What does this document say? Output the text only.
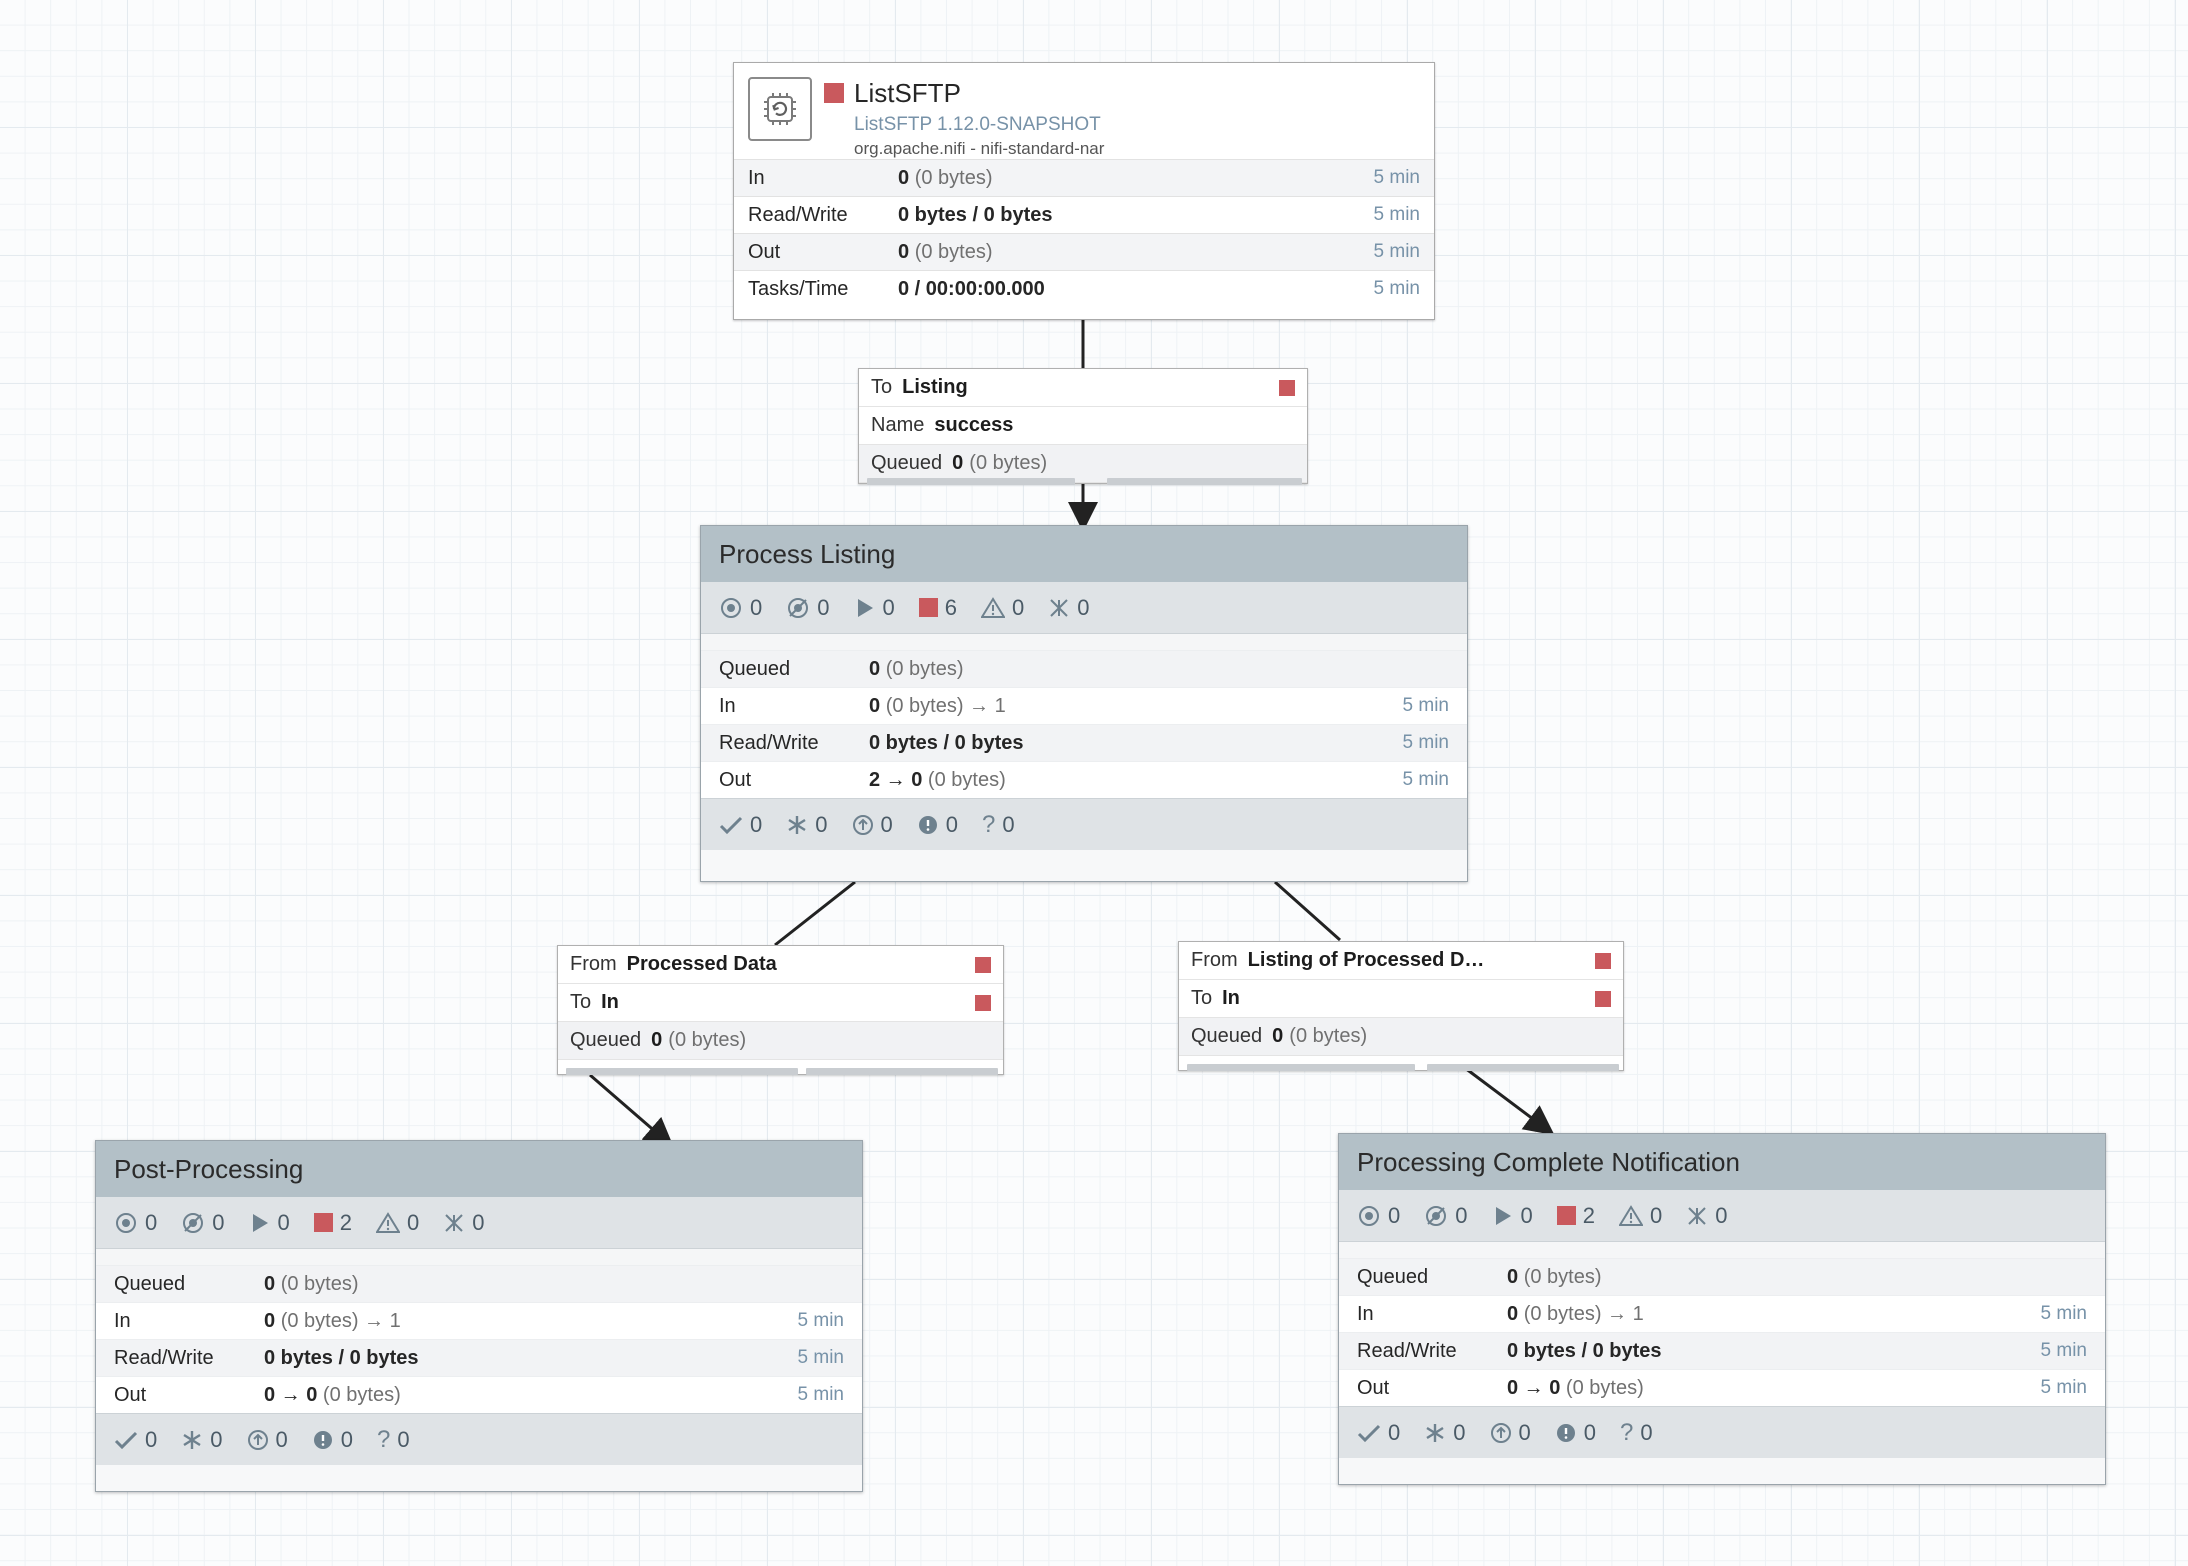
ListSFTP
ListSFTP 1.12.0-SNAPSHOT
org.apache.nifi - nifi-standard-nar
In	0 (0 bytes)	5 min
Read/Write	0 bytes / 0 bytes	5 min
Out	0 (0 bytes)	5 min
Tasks/Time	0 / 00:00:00.000	5 min
To Listing
Name success
Queued 0 (0 bytes)
Process Listing
0	0 0 6	0 0
Queued	0 (0 bytes)
In	0 (0 bytes) → 1	5 min
Read/Write	0 bytes / 0 bytes	5 min
Out	2 → 0 (0 bytes)	5 min
0 0 0 0 ? 0
From Processed Data
To In
Queued 0 (0 bytes)
From Listing of Processed D…
To In
Queued 0 (0 bytes)
Post-Processing
0	0 0 2	0 0
Queued	0 (0 bytes)
In	0 (0 bytes) → 1	5 min
Read/Write	0 bytes / 0 bytes	5 min
Out	0 → 0 (0 bytes)	5 min
0 0 0 0 ? 0
Processing Complete Notification
0	0 0 2	0 0
Queued	0 (0 bytes)
In	0 (0 bytes) → 1	5 min
Read/Write	0 bytes / 0 bytes	5 min
Out	0 → 0 (0 bytes)	5 min
0 0 0 0 ? 0
